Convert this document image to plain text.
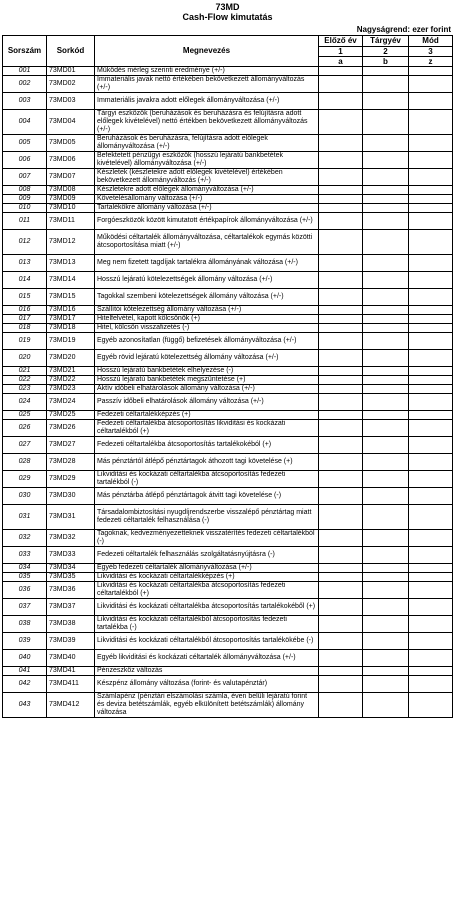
73MD
Cash-Flow kimutatás
Nagyságrend: ezer forint
Sorszám	Sorkód	Megnevezés	Előző év	Tárgyév	Mód
			1	2	3
			a	b	z
001	73MD01	Működés mérleg szerinti eredménye (+/-)			
002	73MD02	Immateriális javak nettó értékében bekövetkezett állományváltozás (+/-)			
003	73MD03	Immateriális javakra adott előlegek állományváltozása (+/-)			
004	73MD04	Tárgyi eszközök (beruházások és beruházásra és felújításra adott előlegek kivételével) nettó értékben bekövetkezett állományváltozás (+/-)			
005	73MD05	Beruházások és beruházásra, felújításra adott előlegek állományváltozása (+/-)			
006	73MD06	Befektetett pénzügyi eszközök (hosszú lejáratú bankbetétek kivételével) állományváltozása (+/-)			
007	73MD07	Készletek (készletekre adott előlegek kivételével) értékében bekövetkezett állományváltozás (+/-)			
008	73MD08	Készletekre adott előlegek állományváltozása (+/-)			
009	73MD09	Követelésállomány változása (+/-)			
010	73MD10	Tartalékökre állomány változása (+/-)			
011	73MD11	Forgóeszközök között kimutatott értékpapírok állományváltozása (+/-)			
012	73MD12	Működési céltartalék állományváltozása, céltartalékok egymás közötti átcsoportosítása miatt (+/-)			
013	73MD13	Meg nem fizetett tagdíjak tartalékra állományának változása (+/-)			
014	73MD14	Hosszú lejáratú kötelezettségek állomány változása (+/-)			
015	73MD15	Tagokkal szembeni kötelezettségek állomány változása (+/-)			
016	73MD16	Szállítói kötelezettség állomány változása (+/-)			
017	73MD17	Hitelfelvétel, kapott kölcsönök (+)			
018	73MD18	Hitel, kölcsön visszafizetés (-)			
019	73MD19	Egyéb azonosítatlan (függő) befizetések állományváltozása (+/-)			
020	73MD20	Egyéb rövid lejáratú kötelezettség állomány változása (+/-)			
021	73MD21	Hosszú lejáratú bankbetétek elhelyezése (-)			
022	73MD22	Hosszú lejáratú bankbetétek megszüntetése (+)			
023	73MD23	Aktív időbeli elhatárolások állomány változása (+/-)			
024	73MD24	Passzív időbeli elhatárolások állomány változása (+/-)			
025	73MD25	Fedezeti céltartalékképzés (+)			
026	73MD26	Fedezeti céltartalékba átcsoportosítás likviditási és kockázati céltartalékból (+)			
027	73MD27	Fedezeti céltartalékba átcsoportosítás tartalékokéból (+)			
028	73MD28	Más pénztártól átlépő pénztártagok áthozott tagi követelése (+)			
029	73MD29	Likviditási és kockázati céltartalékba átcsoportosítás fedezeti tartalékból (-)			
030	73MD30	Más pénztárba átlépő pénztártagok átvitt tagi követelése (-)			
031	73MD31	Társadalombiztosítási nyugdíjrendszerbe visszalépő pénztártag miatt fedezeti céltartalék felhasználása (-)			
032	73MD32	Tagoknak, kedvezményezetteknek visszatérítés fedezeti céltartalékból (-)			
033	73MD33	Fedezeti céltartalék felhasználás szolgáltatásnyújtásra (-)			
034	73MD34	Egyéb fedezeti céltartalék állományváltozása (+/-)			
035	73MD35	Likviditási és kockázati céltartalékképzés (+)			
036	73MD36	Likviditási és kockázati céltartalékba átcsoportosítás fedezeti céltartalékból (+)			
037	73MD37	Likviditási és kockázati céltartalékba átcsoportosítás tartalékokéből (+)			
038	73MD38	Likviditási és kockázati céltartalékból átcsoportosítás fedezeti tartalékba (-)			
039	73MD39	Likviditási és kockázati céltartalékból átcsoportosítás tartalékökébe (-)			
040	73MD40	Egyéb likviditási és kockázati céltartalék állományváltozása (+/-)			
041	73MD41	Pénzeszköz változás			
042	73MD411	Készpénz állomány változása (forint- és valutapénztár)			
043	73MD412	Számlapénz (pénztári elszámolási számla, éven belüli lejáratú forint és deviza betétszámlák, egyéb elkülönített betétszámlák) állomány változása			
